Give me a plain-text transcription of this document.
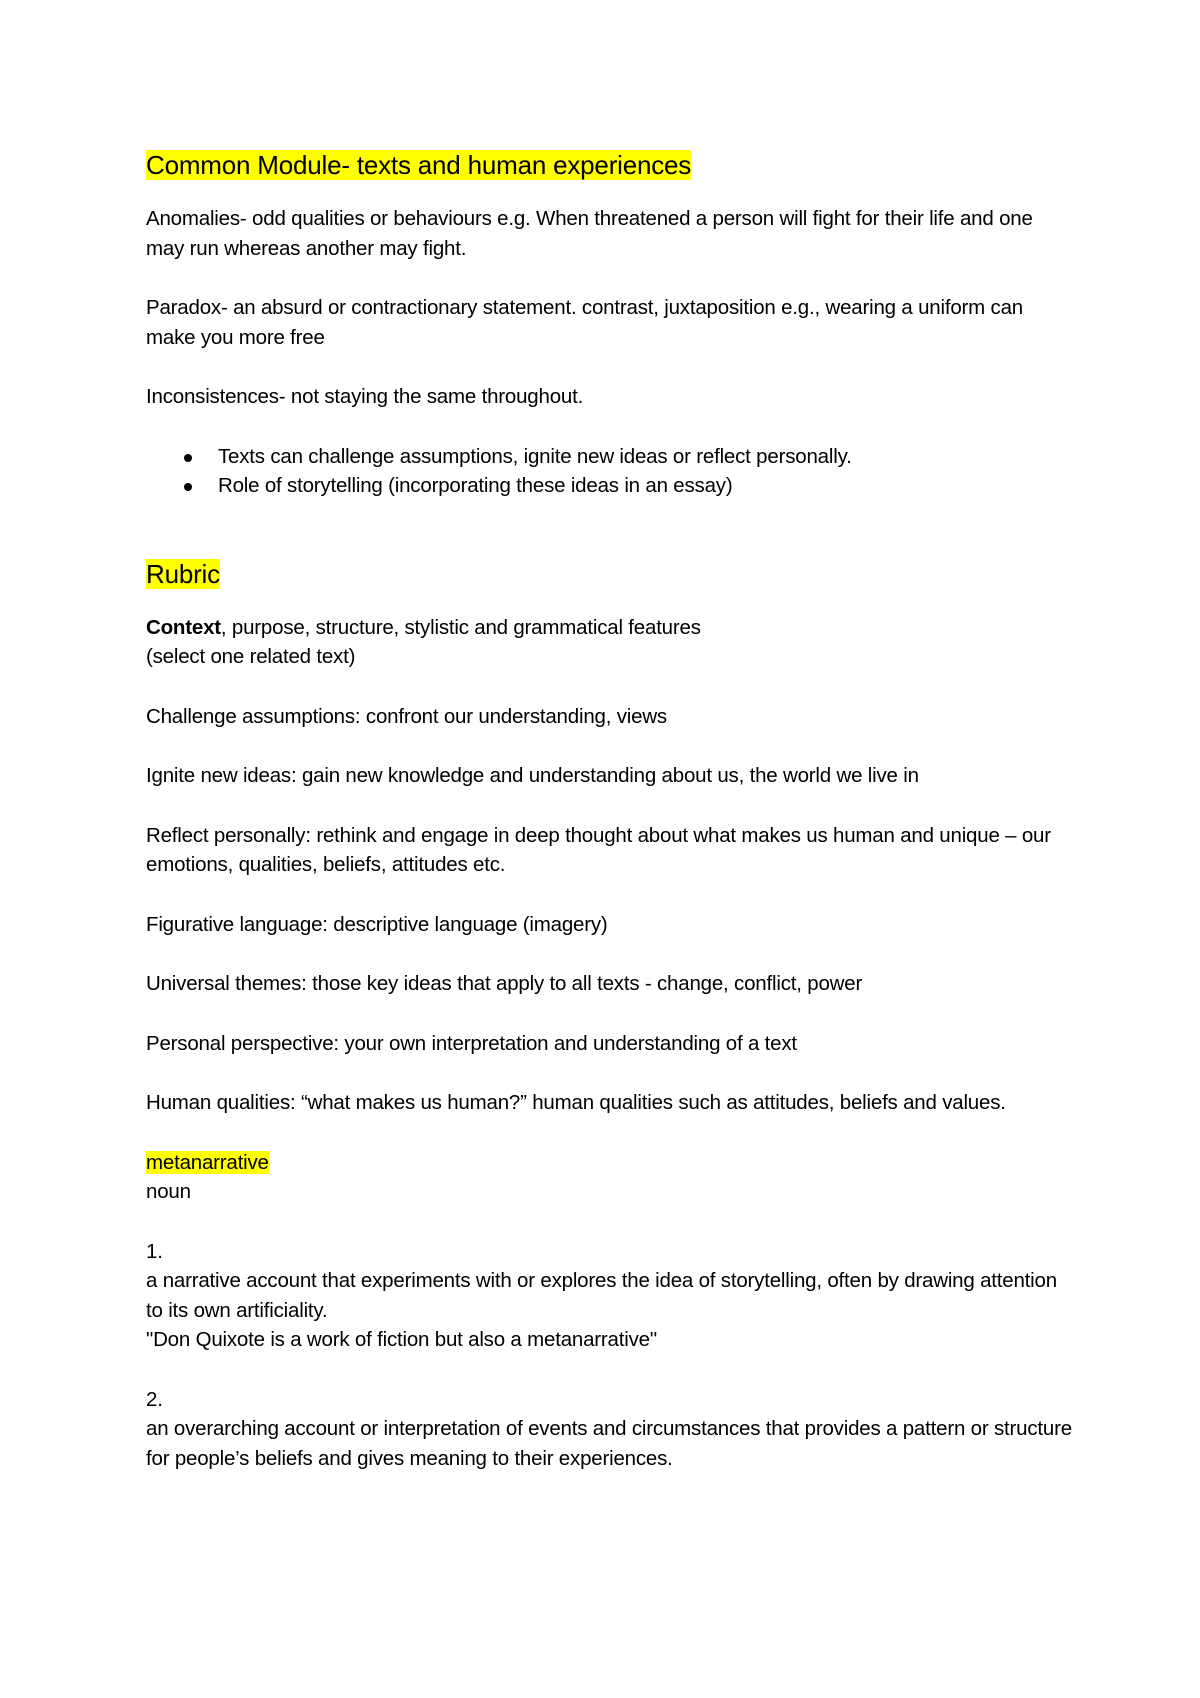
Common Module- texts and human experiences

Anomalies- odd qualities or behaviours e.g. When threatened a person will fight for their life and one may run whereas another may fight.

Paradox- an absurd or contractionary statement. contrast, juxtaposition e.g., wearing a uniform can make you more free

Inconsistences- not staying the same throughout.

Texts can challenge assumptions, ignite new ideas or reflect personally.
Role of storytelling (incorporating these ideas in an essay)
Rubric

Context, purpose, structure, stylistic and grammatical features

(select one related text)

Challenge assumptions: confront our understanding, views

Ignite new ideas: gain new knowledge and understanding about us, the world we live in

Reflect personally: rethink and engage in deep thought about what makes us human and unique – our emotions, qualities, beliefs, attitudes etc.

Figurative language: descriptive language (imagery)

Universal themes: those key ideas that apply to all texts - change, conflict, power

Personal perspective: your own interpretation and understanding of a text

Human qualities: “what makes us human?” human qualities such as attitudes, beliefs and values.

metanarrative

noun

1.

a narrative account that experiments with or explores the idea of storytelling, often by drawing attention to its own artificiality.

"Don Quixote is a work of fiction but also a metanarrative"

2.

an overarching account or interpretation of events and circumstances that provides a pattern or structure for people’s beliefs and gives meaning to their experiences.
